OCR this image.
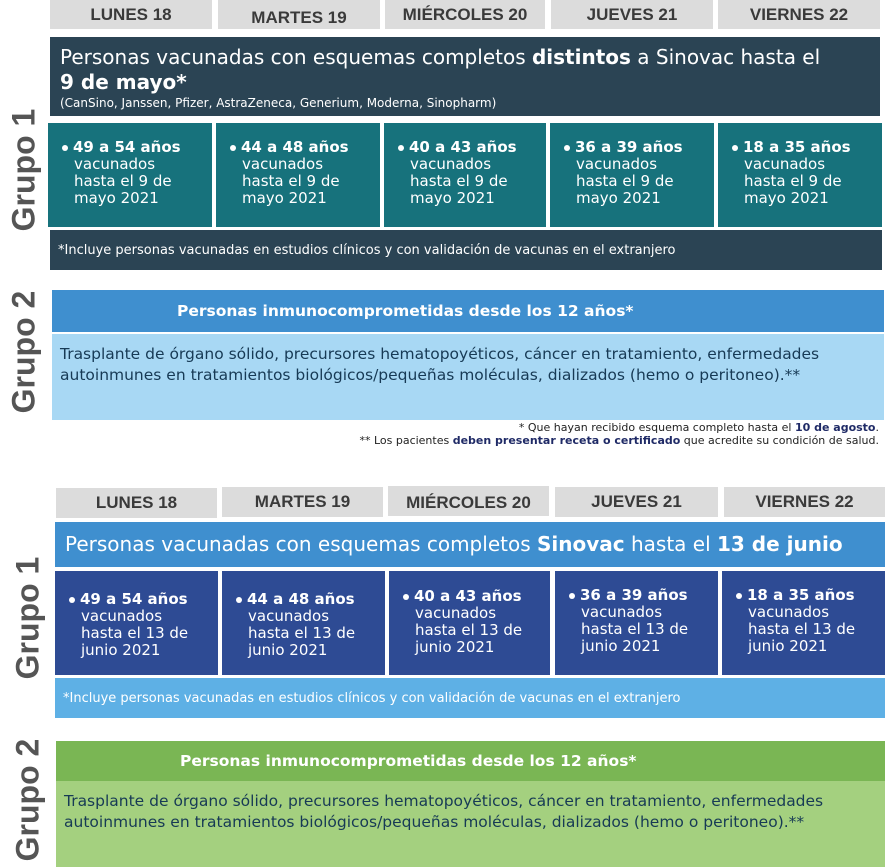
LUNES 18	MARTES 19	MIÉRCOLES 20	JUEVES 21	VIERNES 22
Grupo 1
Personas vacunadas con esquemas completos distintos a Sinovac hasta el
9 de mayo*
(CanSino, Janssen, Pfizer, AstraZeneca, Generium, Moderna, Sinopharm)
49 a 54 años
vacunados hasta el 9 de mayo 2021
44 a 48 años
vacunados hasta el 9 de mayo 2021
40 a 43 años
vacunados hasta el 9 de mayo 2021
36 a 39 años
vacunados hasta el 9 de mayo 2021
18 a 35 años
vacunados hasta el 9 de mayo 2021
*Incluye personas vacunadas en estudios clínicos y con validación de vacunas en el extranjero
Grupo 2	Personas inmunocomprometidas desde los 12 años*
Trasplante de órgano sólido, precursores hematopoyéticos, cáncer en tratamiento, enfermedades autoinmunes en tratamientos biológicos/pequeñas moléculas, dializados (hemo o peritoneo).**
* Que hayan recibido esquema completo hasta el 10 de agosto.
** Los pacientes deben presentar receta o certificado que acredite su condición de salud.
LUNES 18	MARTES 19	MIÉRCOLES 20	JUEVES 21	VIERNES 22
Grupo 1
Personas vacunadas con esquemas completos Sinovac hasta el 13 de junio
49 a 54 años
vacunados hasta el 13 de junio 2021
44 a 48 años
vacunados hasta el 13 de junio 2021
40 a 43 años
vacunados hasta el 13 de junio 2021
36 a 39 años
vacunados hasta el 13 de junio 2021
18 a 35 años
vacunados hasta el 13 de junio 2021
*Incluye personas vacunadas en estudios clínicos y con validación de vacunas en el extranjero
Grupo 2	Personas inmunocomprometidas desde los 12 años*
Trasplante de órgano sólido, precursores hematopoyéticos, cáncer en tratamiento, enfermedades autoinmunes en tratamientos biológicos/pequeñas moléculas, dializados (hemo o peritoneo).**
